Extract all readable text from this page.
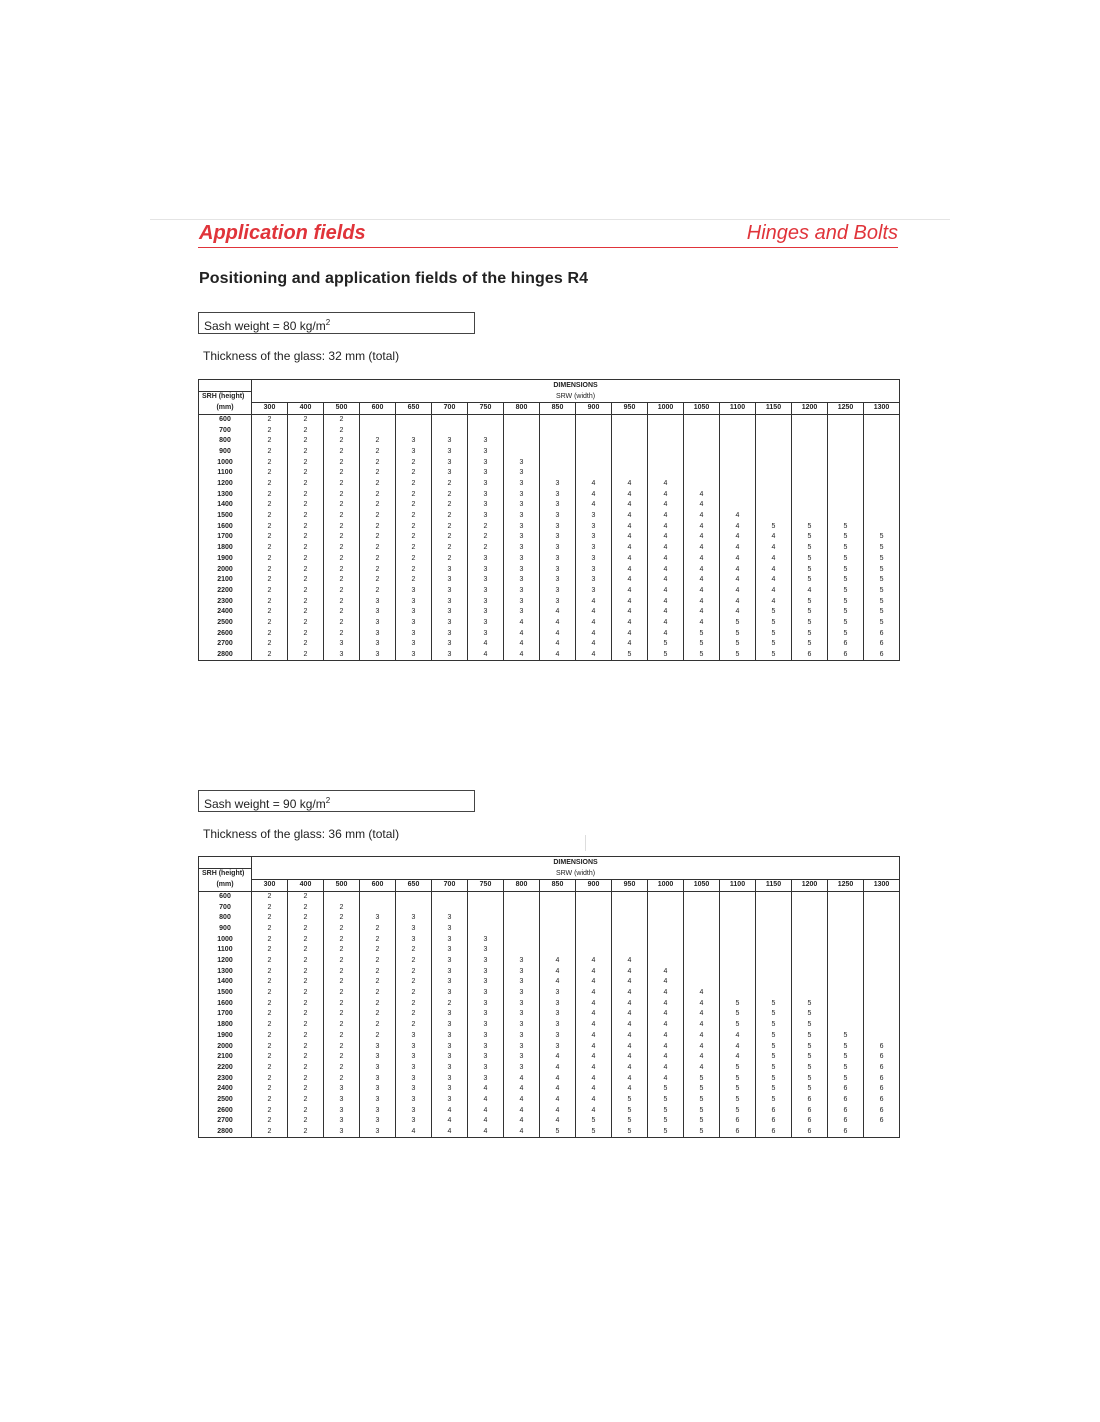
Application fields	Hinges and Bolts
Positioning and application fields of the hinges R4
Sash weight = 80 $kg/m^2$
Thickness of the glass: 32 mm (total)
	DIMENSIONS																	
SRH (height)	SRW (width)																	
(mm)	300	400	500	600	650	700	750	800	850	900	950	1000	1050	1100	1150	1200	1250	1300
600	2	2	2															
700	2	2	2															
800	2	2	2	2	3	3	3											
900	2	2	2	2	3	3	3											
1000	2	2	2	2	2	3	3	3										
1100	2	2	2	2	2	3	3	3										
1200	2	2	2	2	2	2	3	3	3	4	4	4						
1300	2	2	2	2	2	2	3	3	3	4	4	4	4					
1400	2	2	2	2	2	2	3	3	3	4	4	4	4					
1500	2	2	2	2	2	2	3	3	3	3	4	4	4	4				
1600	2	2	2	2	2	2	2	3	3	3	4	4	4	4	5	5	5	
1700	2	2	2	2	2	2	2	3	3	3	4	4	4	4	4	5	5	5
1800	2	2	2	2	2	2	2	3	3	3	4	4	4	4	4	5	5	5
1900	2	2	2	2	2	2	3	3	3	3	4	4	4	4	4	5	5	5
2000	2	2	2	2	2	3	3	3	3	3	4	4	4	4	4	5	5	5
2100	2	2	2	2	2	3	3	3	3	3	4	4	4	4	4	5	5	5
2200	2	2	2	2	3	3	3	3	3	3	4	4	4	4	4	4	5	5
2300	2	2	2	3	3	3	3	3	3	4	4	4	4	4	4	5	5	5
2400	2	2	2	3	3	3	3	3	4	4	4	4	4	4	5	5	5	5
2500	2	2	2	3	3	3	3	4	4	4	4	4	4	5	5	5	5	5
2600	2	2	2	3	3	3	3	4	4	4	4	4	5	5	5	5	5	6
2700	2	2	3	3	3	3	4	4	4	4	4	5	5	5	5	5	6	6
2800	2	2	3	3	3	3	4	4	4	4	5	5	5	5	5	6	6	6
Sash weight = 90 $kg/m^2$
Thickness of the glass: 36 mm (total)
	DIMENSIONS																	
SRH (height)	SRW (width)																	
(mm)	300	400	500	600	650	700	750	800	850	900	950	1000	1050	1100	1150	1200	1250	1300
600	2	2																
700	2	2	2															
800	2	2	2	3	3	3												
900	2	2	2	2	3	3												
1000	2	2	2	2	3	3	3											
1100	2	2	2	2	2	3	3											
1200	2	2	2	2	2	3	3	3	4	4	4							
1300	2	2	2	2	2	3	3	3	4	4	4	4						
1400	2	2	2	2	2	3	3	3	4	4	4	4						
1500	2	2	2	2	2	3	3	3	3	4	4	4	4					
1600	2	2	2	2	2	2	3	3	3	4	4	4	4	5	5	5		
1700	2	2	2	2	2	3	3	3	3	4	4	4	4	5	5	5		
1800	2	2	2	2	2	3	3	3	3	4	4	4	4	5	5	5		
1900	2	2	2	2	3	3	3	3	3	4	4	4	4	4	5	5	5	
2000	2	2	2	3	3	3	3	3	3	4	4	4	4	4	5	5	5	6
2100	2	2	2	3	3	3	3	3	4	4	4	4	4	4	5	5	5	6
2200	2	2	2	3	3	3	3	3	4	4	4	4	4	5	5	5	5	6
2300	2	2	2	3	3	3	3	4	4	4	4	4	5	5	5	5	5	6
2400	2	2	3	3	3	3	4	4	4	4	4	5	5	5	5	5	6	6
2500	2	2	3	3	3	3	4	4	4	4	5	5	5	5	5	6	6	6
2600	2	2	3	3	3	4	4	4	4	4	5	5	5	5	6	6	6	6
2700	2	2	3	3	3	4	4	4	4	5	5	5	5	6	6	6	6	6
2800	2	2	3	3	4	4	4	4	5	5	5	5	5	6	6	6	6	
